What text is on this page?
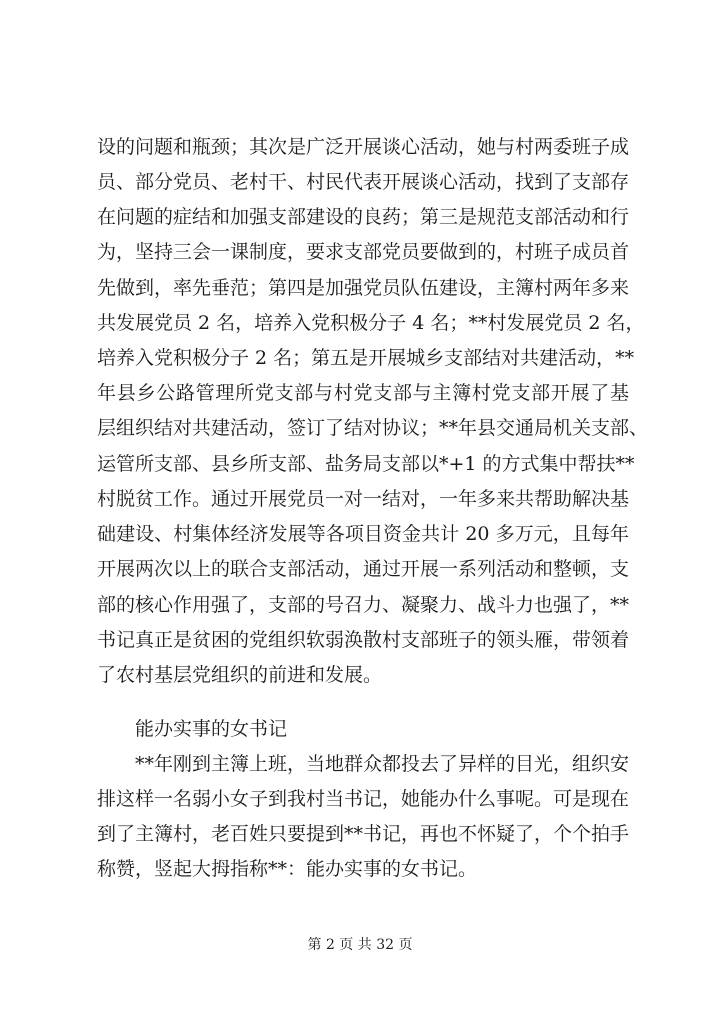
设的问题和瓶颈；其次是广泛开展谈心活动，她与村两委班子成
员、部分党员、老村干、村民代表开展谈心活动，找到了支部存
在问题的症结和加强支部建设的良药；第三是规范支部活动和行
为，坚持三会一课制度，要求支部党员要做到的，村班子成员首
先做到，率先垂范；第四是加强党员队伍建设，主簿村两年多来
共发展党员 2 名，培养入党积极分子 4 名；**村发展党员 2 名，
培养入党积极分子 2 名；第五是开展城乡支部结对共建活动，**
年县乡公路管理所党支部与村党支部与主簿村党支部开展了基
层组织结对共建活动，签订了结对协议；**年县交通局机关支部、
运管所支部、县乡所支部、盐务局支部以*+1 的方式集中帮扶**
村脱贫工作。通过开展党员一对一结对，一年多来共帮助解决基
础建设、村集体经济发展等各项目资金共计 20 多万元，且每年
开展两次以上的联合支部活动，通过开展一系列活动和整顿，支
部的核心作用强了，支部的号召力、凝聚力、战斗力也强了，**
书记真正是贫困的党组织软弱涣散村支部班子的领头雁，带领着
了农村基层党组织的前进和发展。
能办实事的女书记
**年刚到主簿上班，当地群众都投去了异样的目光，组织安
排这样一名弱小女子到我村当书记，她能办什么事呢。可是现在
到了主簿村，老百姓只要提到**书记，再也不怀疑了，个个拍手
称赞，竖起大拇指称**：能办实事的女书记。
第 2 页 共 32 页
